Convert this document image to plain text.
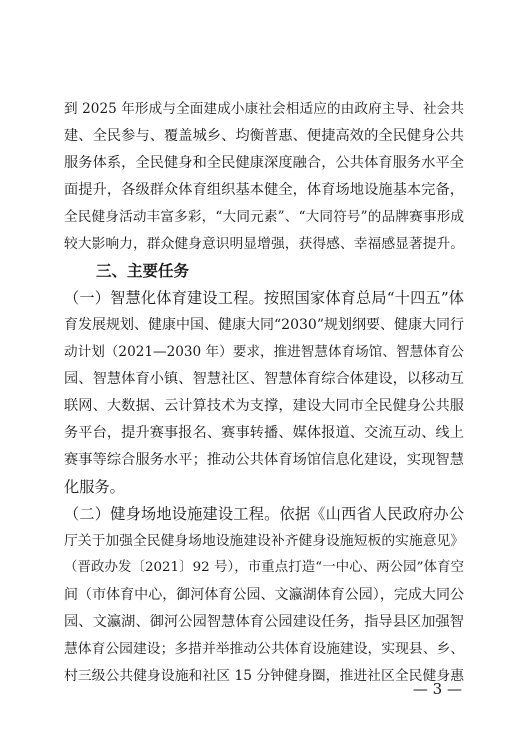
到 2025 年形成与全面建成小康社会相适应的由政府主导、社会共
建、全民参与、覆盖城乡、均衡普惠、便捷高效的全民健身公共
服务体系，全民健身和全民健康深度融合，公共体育服务水平全
面提升，各级群众体育组织基本健全，体育场地设施基本完备，
全民健身活动丰富多彩，“大同元素”、“大同符号”的品牌赛事形成
较大影响力，群众健身意识明显增强，获得感、幸福感显著提升。
三、主要任务
（一）智慧化体育建设工程。按照国家体育总局“十四五”体
育发展规划、健康中国、健康大同“2030”规划纲要、健康大同行
动计划（2021—2030 年）要求，推进智慧体育场馆、智慧体育公
园、智慧体育小镇、智慧社区、智慧体育综合体建设，以移动互
联网、大数据、云计算技术为支撑，建设大同市全民健身公共服
务平台，提升赛事报名、赛事转播、媒体报道、交流互动、线上
赛事等综合服务水平；推动公共体育场馆信息化建设，实现智慧
化服务。
（二）健身场地设施建设工程。依据《山西省人民政府办公
厅关于加强全民健身场地设施建设补齐健身设施短板的实施意见》
（晋政办发〔2021〕92 号），市重点打造“一中心、两公园”体育空
间（市体育中心，御河体育公园、文瀛湖体育公园），完成大同公
园、文瀛湖、御河公园智慧体育公园建设任务，指导县区加强智
慧体育公园建设；多措并举推动公共体育设施建设，实现县、乡、
村三级公共健身设施和社区 15 分钟健身圈，推进社区全民健身惠
— 3 —
